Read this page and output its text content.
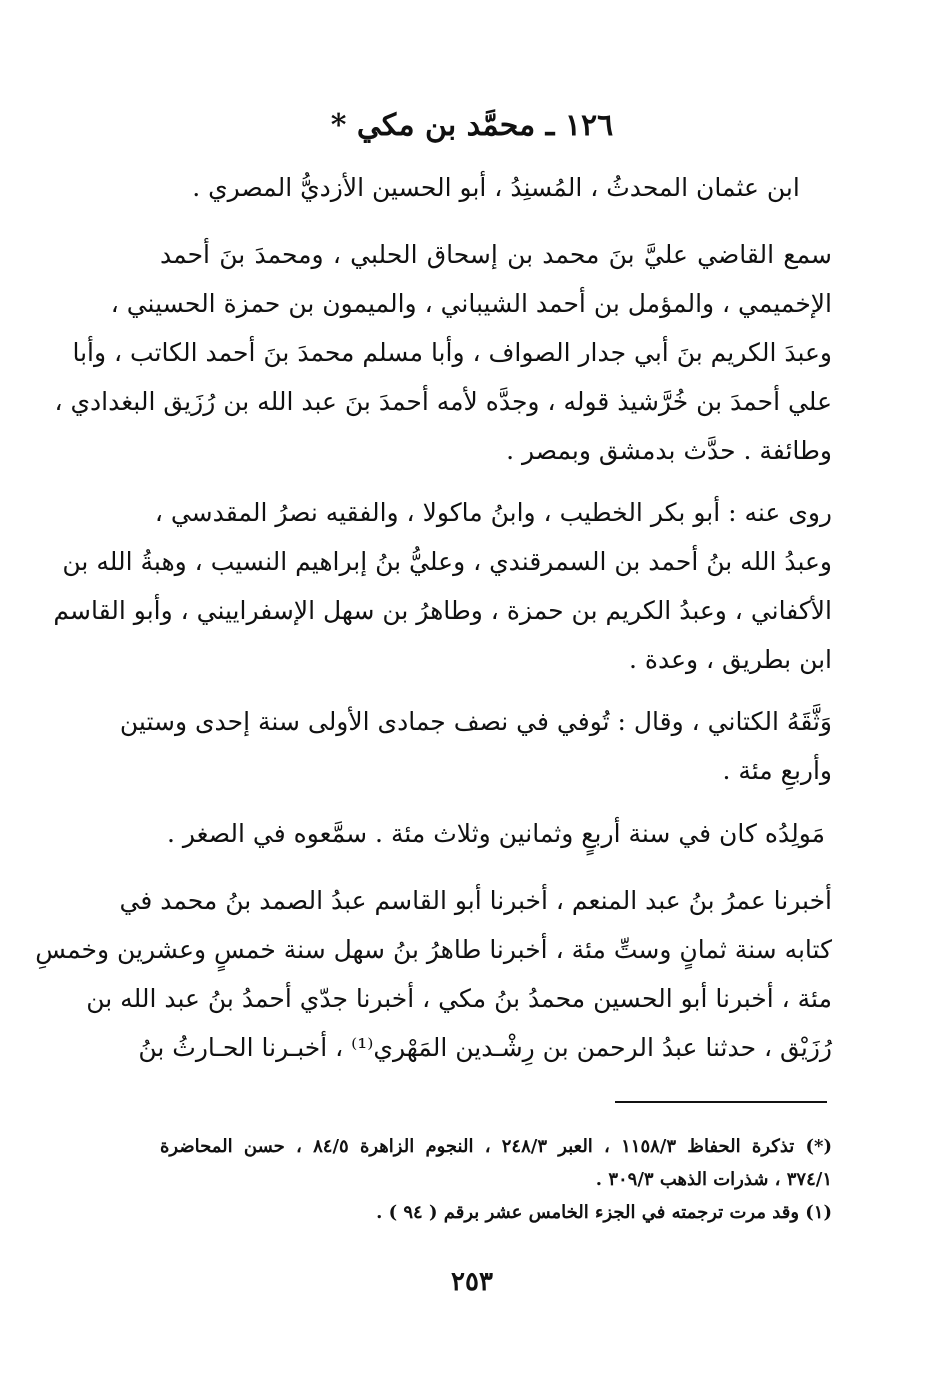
١٢٦ ـ محمَّد بن مكي *
ابن عثمان المحدثُ ، المُسنِدُ ، أبو الحسين الأزديُّ المصري .
سمع القاضي عليَّ بنَ محمد بن إسحاق الحلبي ، ومحمدَ بنَ أحمد
الإخميمي ، والمؤمل بن أحمد الشيباني ، والميمون بن حمزة الحسيني ،
وعبدَ الكريم بنَ أبي جدار الصواف ، وأبا مسلم محمدَ بنَ أحمد الكاتب ، وأبا
علي أحمدَ بن خُرَّشيذ قوله ، وجدَّه لأمه أحمدَ بنَ عبد الله بن رُزَيق البغدادي ،
وطائفة . حدَّث بدمشق وبمصر .
روى عنه : أبو بكر الخطيب ، وابنُ ماكولا ، والفقيه نصرُ المقدسي ،
وعبدُ الله بنُ أحمد بن السمرقندي ، وعليُّ بنُ إبراهيم النسيب ، وهبةُ الله بن
الأكفاني ، وعبدُ الكريم بن حمزة ، وطاهرُ بن سهل الإسفراييني ، وأبو القاسم
ابن بطريق ، وعدة .
وَثَّقَهُ الكتاني ، وقال : تُوفي في نصف جمادى الأولى سنة إحدى وستين
وأربعِ مئة .
مَولِدُه كان في سنة أربعٍ وثمانين وثلاث مئة . سمَّعوه في الصغر .
أخبرنا عمرُ بنُ عبد المنعم ، أخبرنا أبو القاسم عبدُ الصمد بنُ محمد في
كتابه سنة ثمانٍ وستِّ مئة ، أخبرنا طاهرُ بنُ سهل سنة خمسٍ وعشرين وخمسِ
مئة ، أخبرنا أبو الحسين محمدُ بنُ مكي ، أخبرنا جدّي أحمدُ بنُ عبد الله بن
رُزَيْق ، حدثنا عبدُ الرحمن بن رِشْـدين المَهْري⁽¹⁾ ، أخبـرنا الحـارثُ بنُ
(*) تذكرة الحفاظ ١١٥٨/٣ ، العبر ٢٤٨/٣ ، النجوم الزاهرة ٨٤/٥ ، حسن المحاضرة
٣٧٤/١ ، شذرات الذهب ٣٠٩/٣ .
(١) وقد مرت ترجمته في الجزء الخامس عشر برقم ( ٩٤ ) .
٢٥٣
